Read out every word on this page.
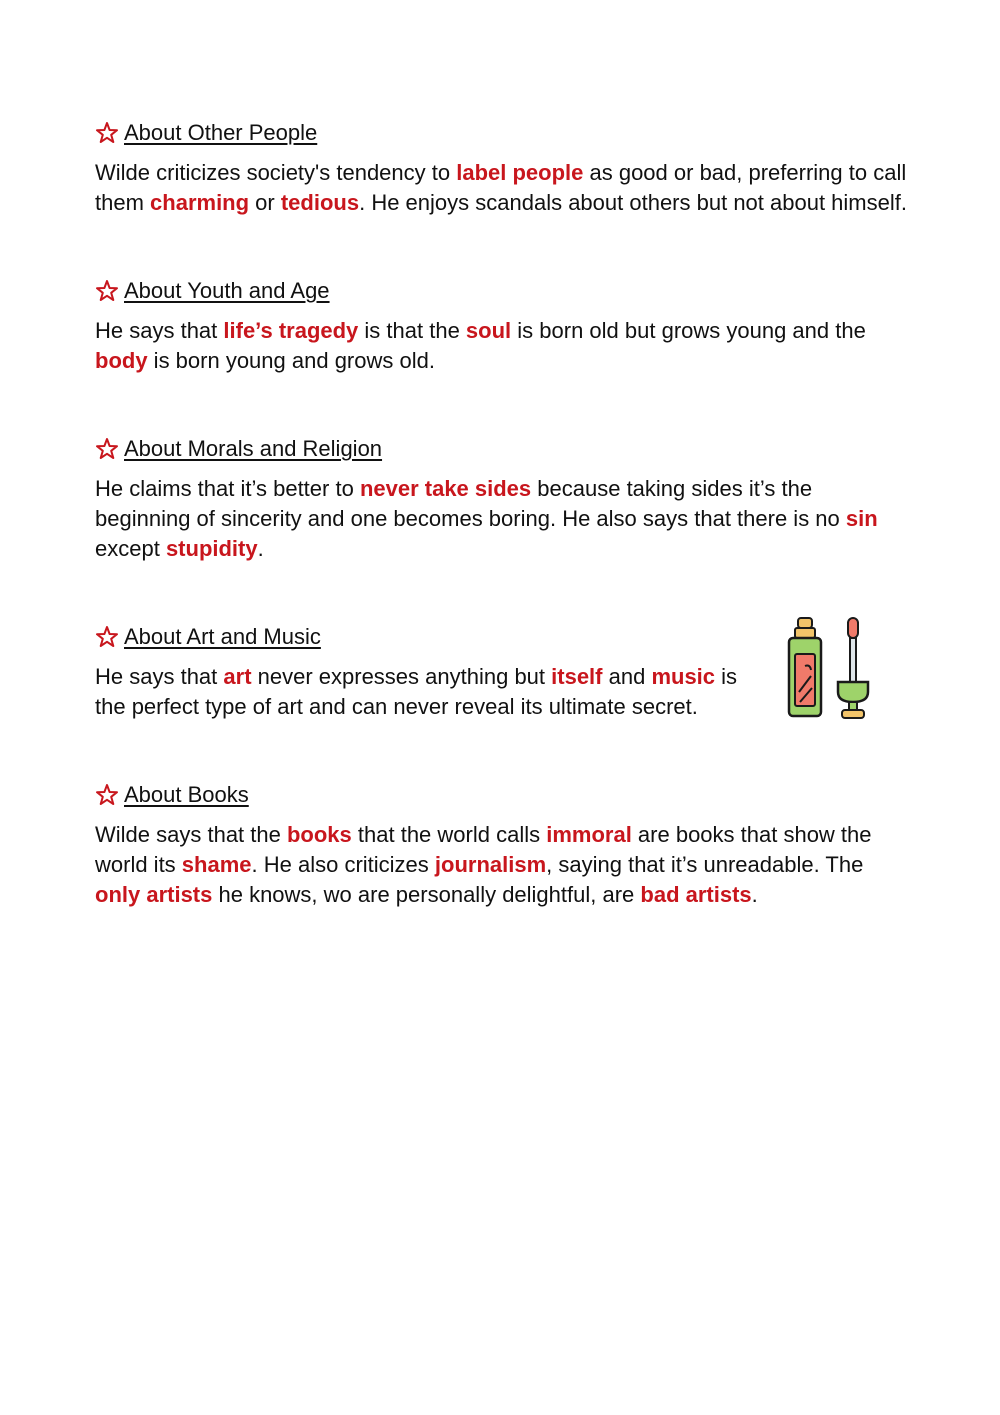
About Other People

Wilde criticizes society's tendency to label people as good or bad, preferring to call them charming or tedious. He enjoys scandals about others but not about himself.

About Youth and Age

He says that life’s tragedy is that the soul is born old but grows young and the body is born young and grows old.

About Morals and Religion

He claims that it’s better to never take sides because taking sides it’s the beginning of sincerity and one becomes boring. He also says that there is no sin except stupidity.

About Art and Music

He says that art never expresses anything but itself and music is the perfect type of art and can never reveal its ultimate secret.

About Books

Wilde says that the books that the world calls immoral are books that show the world its shame. He also criticizes journalism, saying that it’s unreadable. The only artists he knows, wo are personally delightful, are bad artists.
